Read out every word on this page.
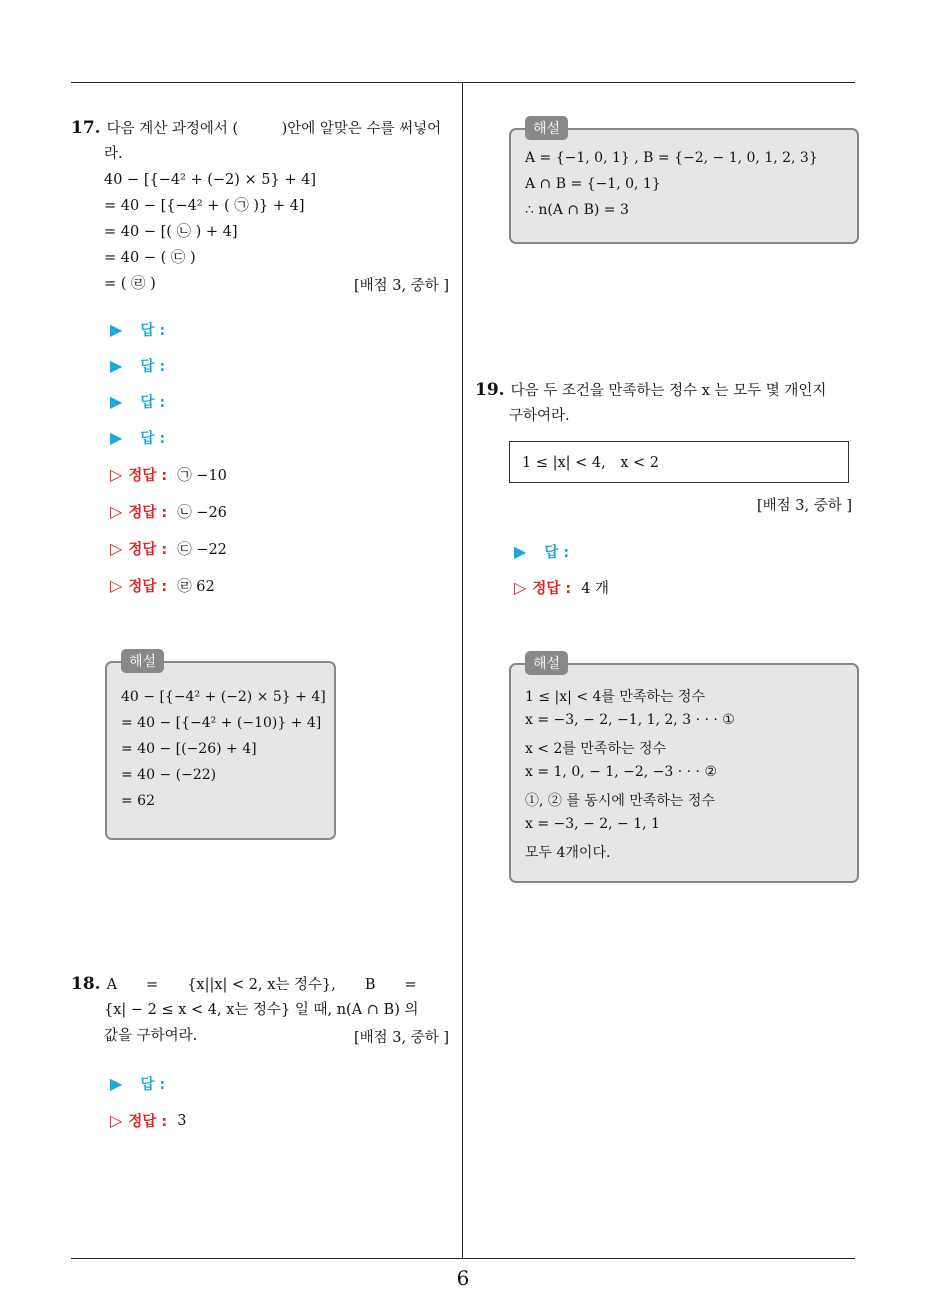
6
17. 다음 계산 과정에서 (　　　)안에 알맞은 수를 써넣어
라.
40 − [{−4² + (−2) × 5} + 4]
= 40 − [{−4² + ( ㉠ )} + 4]
= 40 − [( ㉡ ) + 4]
= 40 − ( ㉢ )
= ( ㉣ )	[배점 3, 중하 ]
▶ 답 :
▶ 답 :
▶ 답 :
▶ 답 :
▷ 정답 : ㉠ −10
▷ 정답 : ㉡ −26
▷ 정답 : ㉢ −22
▷ 정답 : ㉣ 62
해설
40 − [{−4² + (−2) × 5} + 4]
= 40 − [{−4² + (−10)} + 4]
= 40 − [(−26) + 4]
= 40 − (−22)
= 62
18. A　　=　　{x||x| < 2, x는 정수},　　B　　=
{x| − 2 ≤ x < 4, x는 정수} 일 때, n(A ∩ B) 의
값을 구하여라.	[배점 3, 중하 ]
▶ 답 :
▷ 정답 : 3
해설
A = {−1, 0, 1} , B = {−2, − 1, 0, 1, 2, 3}
A ∩ B = {−1, 0, 1}
∴ n(A ∩ B) = 3
19. 다음 두 조건을 만족하는 정수 x 는 모두 몇 개인지
구하여라.
1 ≤ |x| < 4,　x < 2
[배점 3, 중하 ]
▶ 답 :
▷ 정답 : 4 개
해설
1 ≤ |x| < 4를 만족하는 정수
x = −3, − 2, −1, 1, 2, 3 · · · ①
x < 2를 만족하는 정수
x = 1, 0, − 1, −2, −3 · · · ②
①, ② 를 동시에 만족하는 정수
x = −3, − 2, − 1, 1
모두 4개이다.
